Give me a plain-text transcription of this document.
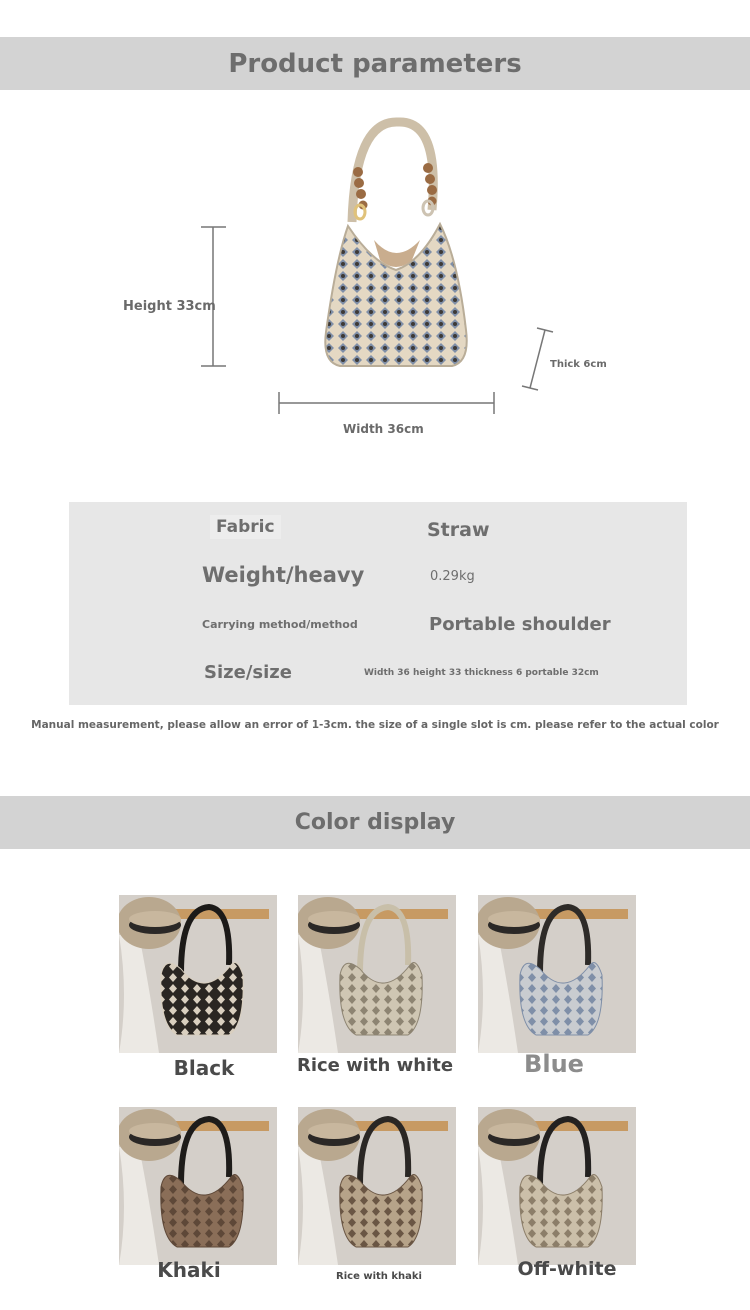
Product parameters
Height 33cm
Width 36cm
Thick 6cm
Fabric	Straw
Weight/heavy	0.29kg
Carrying method/method	Portable shoulder
Size/size	Width 36 height 33 thickness 6 portable 32cm
Manual measurement, please allow an error of 1-3cm. the size of a single slot is cm. please refer to the actual color
Color display
Black	Rice with white	Blue
Khaki	Rice with khaki	Off-white
